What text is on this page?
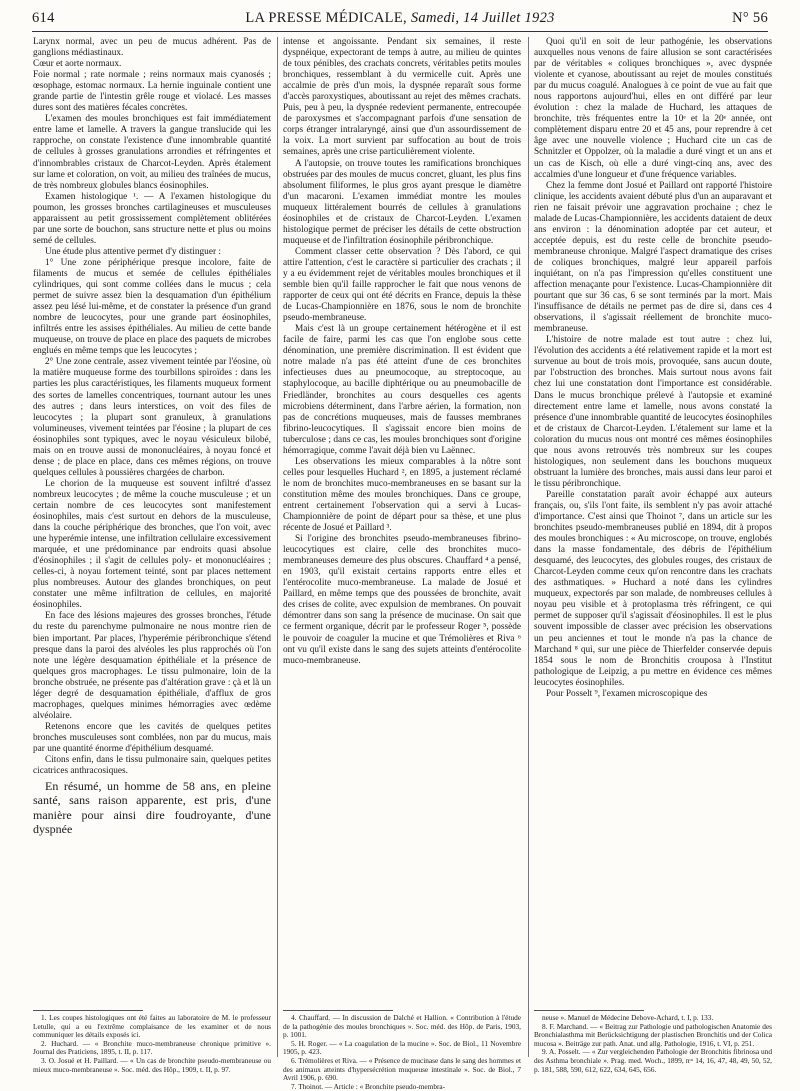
614	LA PRESSE MÉDICALE, Samedi, 14 Juillet 1923	N° 56

Larynx normal, avec un peu de mucus adhérent. Pas de ganglions médiastinaux.

Cœur et aorte normaux.

Foie normal ; rate normale ; reins normaux mais cyanosés ; œsophage, estomac normaux. La hernie inguinale contient une grande partie de l'intestin grêle rouge et violacé. Les masses dures sont des matières fécales concrètes.

L'examen des moules bronchiques est fait immédiatement entre lame et lamelle. A travers la gangue translucide qui les rapproche, on constate l'existence d'une innombrable quantité de cellules à grosses granulations arrondies et réfringentes et d'innombrables cristaux de Charcot-Leyden. Après étalement sur lame et coloration, on voit, au milieu des traînées de mucus, de très nombreux globules blancs éosinophiles.

Examen histologique ¹. — A l'examen histologique du poumon, les grosses bronches cartilagineuses et musculeuses apparaissent au petit grossissement complètement oblitérées par une sorte de bouchon, sans structure nette et plus ou moins semé de cellules.

Une étude plus attentive permet d'y distinguer :

1° Une zone périphérique presque incolore, faite de filaments de mucus et semée de cellules épithéliales cylindriques, qui sont comme collées dans le mucus ; cela permet de suivre assez bien la desquamation d'un épithélium assez peu lésé lui-même, et de constater la présence d'un grand nombre de leucocytes, pour une grande part éosinophiles, infiltrés entre les assises épithéliales. Au milieu de cette bande muqueuse, on trouve de place en place des paquets de microbes englués en même temps que les leucocytes ;

2° Une zone centrale, assez vivement teintée par l'éosine, où la matière muqueuse forme des tourbillons spiroïdes : dans les parties les plus caractéristiques, les filaments muqueux forment des sortes de lamelles concentriques, tournant autour les unes des autres ; dans leurs interstices, on voit des files de leucocytes ; la plupart sont granuleux, à granulations volumineuses, vivement teintées par l'éosine ; la plupart de ces éosinophiles sont typiques, avec le noyau vésiculeux bilobé, mais on en trouve aussi de mononucléaires, à noyau foncé et dense ; de place en place, dans ces mêmes régions, on trouve quelques cellules à poussières chargées de charbon.

Le chorion de la muqueuse est souvent infiltré d'assez nombreux leucocytes ; de même la couche musculeuse ; et un certain nombre de ces leucocytes sont manifestement éosinophiles, mais c'est surtout en dehors de la musculeuse, dans la couche périphérique des bronches, que l'on voit, avec une hyperémie intense, une infiltration cellulaire excessivement marquée, et une prédominance par endroits quasi absolue d'éosinophiles ; il s'agit de cellules poly- et mononucléaires ; celles-ci, à noyau fortement teinté, sont par places nettement plus nombreuses. Autour des glandes bronchiques, on peut constater une même infiltration de cellules, en majorité éosinophiles.

En face des lésions majeures des grosses bronches, l'étude du reste du parenchyme pulmonaire ne nous montre rien de bien important. Par places, l'hyperémie péribronchique s'étend presque dans la paroi des alvéoles les plus rapprochés où l'on note une légère desquamation épithéliale et la présence de quelques gros macrophages. Le tissu pulmonaire, loin de la bronche obstruée, ne présente pas d'altération grave : çà et là un léger degré de desquamation épithéliale, d'afflux de gros macrophages, quelques minimes hémorragies avec œdème alvéolaire.

Retenons encore que les cavités de quelques petites bronches musculeuses sont comblées, non par du mucus, mais par une quantité énorme d'épithélium desquamé.

Citons enfin, dans le tissu pulmonaire sain, quelques petites cicatrices anthracosiques.

En résumé, un homme de 58 ans, en pleine santé, sans raison apparente, est pris, d'une manière pour ainsi dire foudroyante, d'une dyspnée

intense et angoissante. Pendant six semaines, il reste dyspnéique, expectorant de temps à autre, au milieu de quintes de toux pénibles, des crachats concrets, véritables petits moules bronchiques, ressemblant à du vermicelle cuit. Après une accalmie de près d'un mois, la dyspnée reparaît sous forme d'accès paroxystiques, aboutissant au rejet des mêmes crachats. Puis, peu à peu, la dyspnée redevient permanente, entrecoupée de paroxysmes et s'accompagnant parfois d'une sensation de corps étranger intralaryngé, ainsi que d'un assourdissement de la voix. La mort survient par suffocation au bout de trois semaines, après une crise particulièrement violente.

A l'autopsie, on trouve toutes les ramifications bronchiques obstruées par des moules de mucus concret, gluant, les plus fins absolument filiformes, le plus gros ayant presque le diamètre d'un macaroni. L'examen immédiat montre les moules muqueux littéralement bourrés de cellules à granulations éosinophiles et de cristaux de Charcot-Leyden. L'examen histologique permet de préciser les détails de cette obstruction muqueuse et de l'infiltration éosinophile péribronchique.

Comment classer cette observation ? Dès l'abord, ce qui attire l'attention, c'est le caractère si particulier des crachats ; il y a eu évidemment rejet de véritables moules bronchiques et il semble bien qu'il faille rapprocher le fait que nous venons de rapporter de ceux qui ont été décrits en France, depuis la thèse de Lucas-Championnière en 1876, sous le nom de bronchite pseudo-membraneuse.

Mais c'est là un groupe certainement hétérogène et il est facile de faire, parmi les cas que l'on englobe sous cette dénomination, une première discrimination. Il est évident que notre malade n'a pas été atteint d'une de ces bronchites infectieuses dues au pneumocoque, au streptocoque, au staphylocoque, au bacille diphtérique ou au pneumobacille de Friedländer, bronchites au cours desquelles ces agents microbiens déterminent, dans l'arbre aérien, la formation, non pas de concrétions muqueuses, mais de fausses membranes fibrino-leucocytiques. Il s'agissait encore bien moins de tuberculose ; dans ce cas, les moules bronchiques sont d'origine hémorragique, comme l'avait déjà bien vu Laënnec.

Les observations les mieux comparables à la nôtre sont celles pour lesquelles Huchard ², en 1895, a justement réclamé le nom de bronchites muco-membraneuses en se basant sur la constitution même des moules bronchiques. Dans ce groupe, entrent certainement l'observation qui a servi à Lucas-Championnière de point de départ pour sa thèse, et une plus récente de Josué et Paillard ³.

Si l'origine des bronchites pseudo-membraneuses fibrino-leucocytiques est claire, celle des bronchites muco-membraneuses demeure des plus obscures. Chauffard ⁴ a pensé, en 1903, qu'il existait certains rapports entre elles et l'entérocolite muco-membraneuse. La malade de Josué et Paillard, en même temps que des poussées de bronchite, avait des crises de colite, avec expulsion de membranes. On pouvait démontrer dans son sang la présence de mucinase. On sait que ce ferment organique, décrit par le professeur Roger ⁵, possède le pouvoir de coaguler la mucine et que Trémolières et Riva ⁶ ont vu qu'il existe dans le sang des sujets atteints d'entérocolite muco-membraneuse.

Quoi qu'il en soit de leur pathogénie, les observations auxquelles nous venons de faire allusion se sont caractérisées par de véritables « coliques bronchiques », avec dyspnée violente et cyanose, aboutissant au rejet de moules constitués par du mucus coagulé. Analogues à ce point de vue au fait que nous rapportons aujourd'hui, elles en ont différé par leur évolution : chez la malade de Huchard, les attaques de bronchite, très fréquentes entre la 10ᵉ et la 20ᵉ année, ont complètement disparu entre 20 et 45 ans, pour reprendre à cet âge avec une nouvelle violence ; Huchard cite un cas de Schnitzler et Oppolzer, où la maladie a duré vingt et un ans et un cas de Kisch, où elle a duré vingt-cinq ans, avec des accalmies d'une longueur et d'une fréquence variables.

Chez la femme dont Josué et Paillard ont rapporté l'histoire clinique, les accidents avaient débuté plus d'un an auparavant et rien ne faisait prévoir une aggravation prochaine ; chez le malade de Lucas-Championnière, les accidents dataient de deux ans environ : la dénomination adoptée par cet auteur, et acceptée depuis, est du reste celle de bronchite pseudo-membraneuse chronique. Malgré l'aspect dramatique des crises de coliques bronchiques, malgré leur appareil parfois inquiétant, on n'a pas l'impression qu'elles constituent une affection menaçante pour l'existence. Lucas-Championnière dit pourtant que sur 36 cas, 6 se sont terminés par la mort. Mais l'insuffisance de détails ne permet pas de dire si, dans ces 4 observations, il s'agissait réellement de bronchite muco-membraneuse.

L'histoire de notre malade est tout autre : chez lui, l'évolution des accidents a été relativement rapide et la mort est survenue au bout de trois mois, provoquée, sans aucun doute, par l'obstruction des bronches. Mais surtout nous avons fait chez lui une constatation dont l'importance est considérable. Dans le mucus bronchique prélevé à l'autopsie et examiné directement entre lame et lamelle, nous avons constaté la présence d'une innombrable quantité de leucocytes éosinophiles et de cristaux de Charcot-Leyden. L'étalement sur lame et la coloration du mucus nous ont montré ces mêmes éosinophiles que nous avons retrouvés très nombreux sur les coupes histologiques, non seulement dans les bouchons muqueux obstruant la lumière des bronches, mais aussi dans leur paroi et le tissu péribronchique.

Pareille constatation paraît avoir échappé aux auteurs français, ou, s'ils l'ont faite, ils semblent n'y pas avoir attaché d'importance. C'est ainsi que Thoinot ⁷, dans un article sur les bronchites pseudo-membraneuses publié en 1894, dit à propos des moules bronchiques : « Au microscope, on trouve, englobés dans la masse fondamentale, des débris de l'épithélium desquamé, des leucocytes, des globules rouges, des cristaux de Charcot-Leyden comme ceux qu'on rencontre dans les crachats des asthmatiques. » Huchard a noté dans les cylindres muqueux, expectorés par son malade, de nombreuses cellules à noyau peu visible et à protoplasma très réfringent, ce qui permet de supposer qu'il s'agissait d'éosinophiles. Il est le plus souvent impossible de classer avec précision les observations un peu anciennes et tout le monde n'a pas la chance de Marchand ⁸ qui, sur une pièce de Thierfelder conservée depuis 1854 sous le nom de Bronchitis crouposa à l'Institut pathologique de Leipzig, a pu mettre en évidence ces mêmes leucocytes éosinophiles.

Pour Posselt ⁹, l'examen microscopique des

1. Les coupes histologiques ont été faites au laboratoire de M. le professeur Letulle, qui a eu l'extrême complaisance de les examiner et de nous communiquer les détails exposés ici.

2. Huchard. — « Bronchite muco-membraneuse chronique primitive ». Journal des Praticiens, 1895, t. II, p. 117.

3. O. Josué et H. Paillard. — « Un cas de bronchite pseudo-membraneuse ou mieux muco-membraneuse ». Soc. méd. des Hôp., 1909, t. II, p. 97.

4. Chauffard. — In discussion de Dalché et Hallion. « Contribution à l'étude de la pathogénie des moules bronchiques ». Soc. méd. des Hôp. de Paris, 1903, p. 1001.

5. H. Roger. — « La coagulation de la mucine ». Soc. de Biol., 11 Novembre 1905, p. 423.

6. Trémolières et Riva. — « Présence de mucinase dans le sang des hommes et des animaux atteints d'hypersécrétion muqueuse intestinale ». Soc. de Biol., 7 Avril 1906, p. 690.

7. Thoinot. — Article : « Bronchite pseudo-membra-

neuse ». Manuel de Médecine Debove-Achard, t. I, p. 133.

8. F. Marchand. — « Beitrag zur Pathologie und pathologischen Anatomie des Bronchialasthma mit Berücksichtigung der plastischen Bronchitis und der Colica mucosa ». Beiträge zur path. Anat. und allg. Pathologie, 1916, t. VI, p. 251.

9. A. Posselt. — « Zur vergleichenden Pathologie der Bronchitis fibrinosa und des Asthma bronchiale ». Prag. med. Woch., 1899, nᵒˢ 14, 16, 47, 48, 49, 50, 52, p. 181, 588, 590, 612, 622, 634, 645, 656.
